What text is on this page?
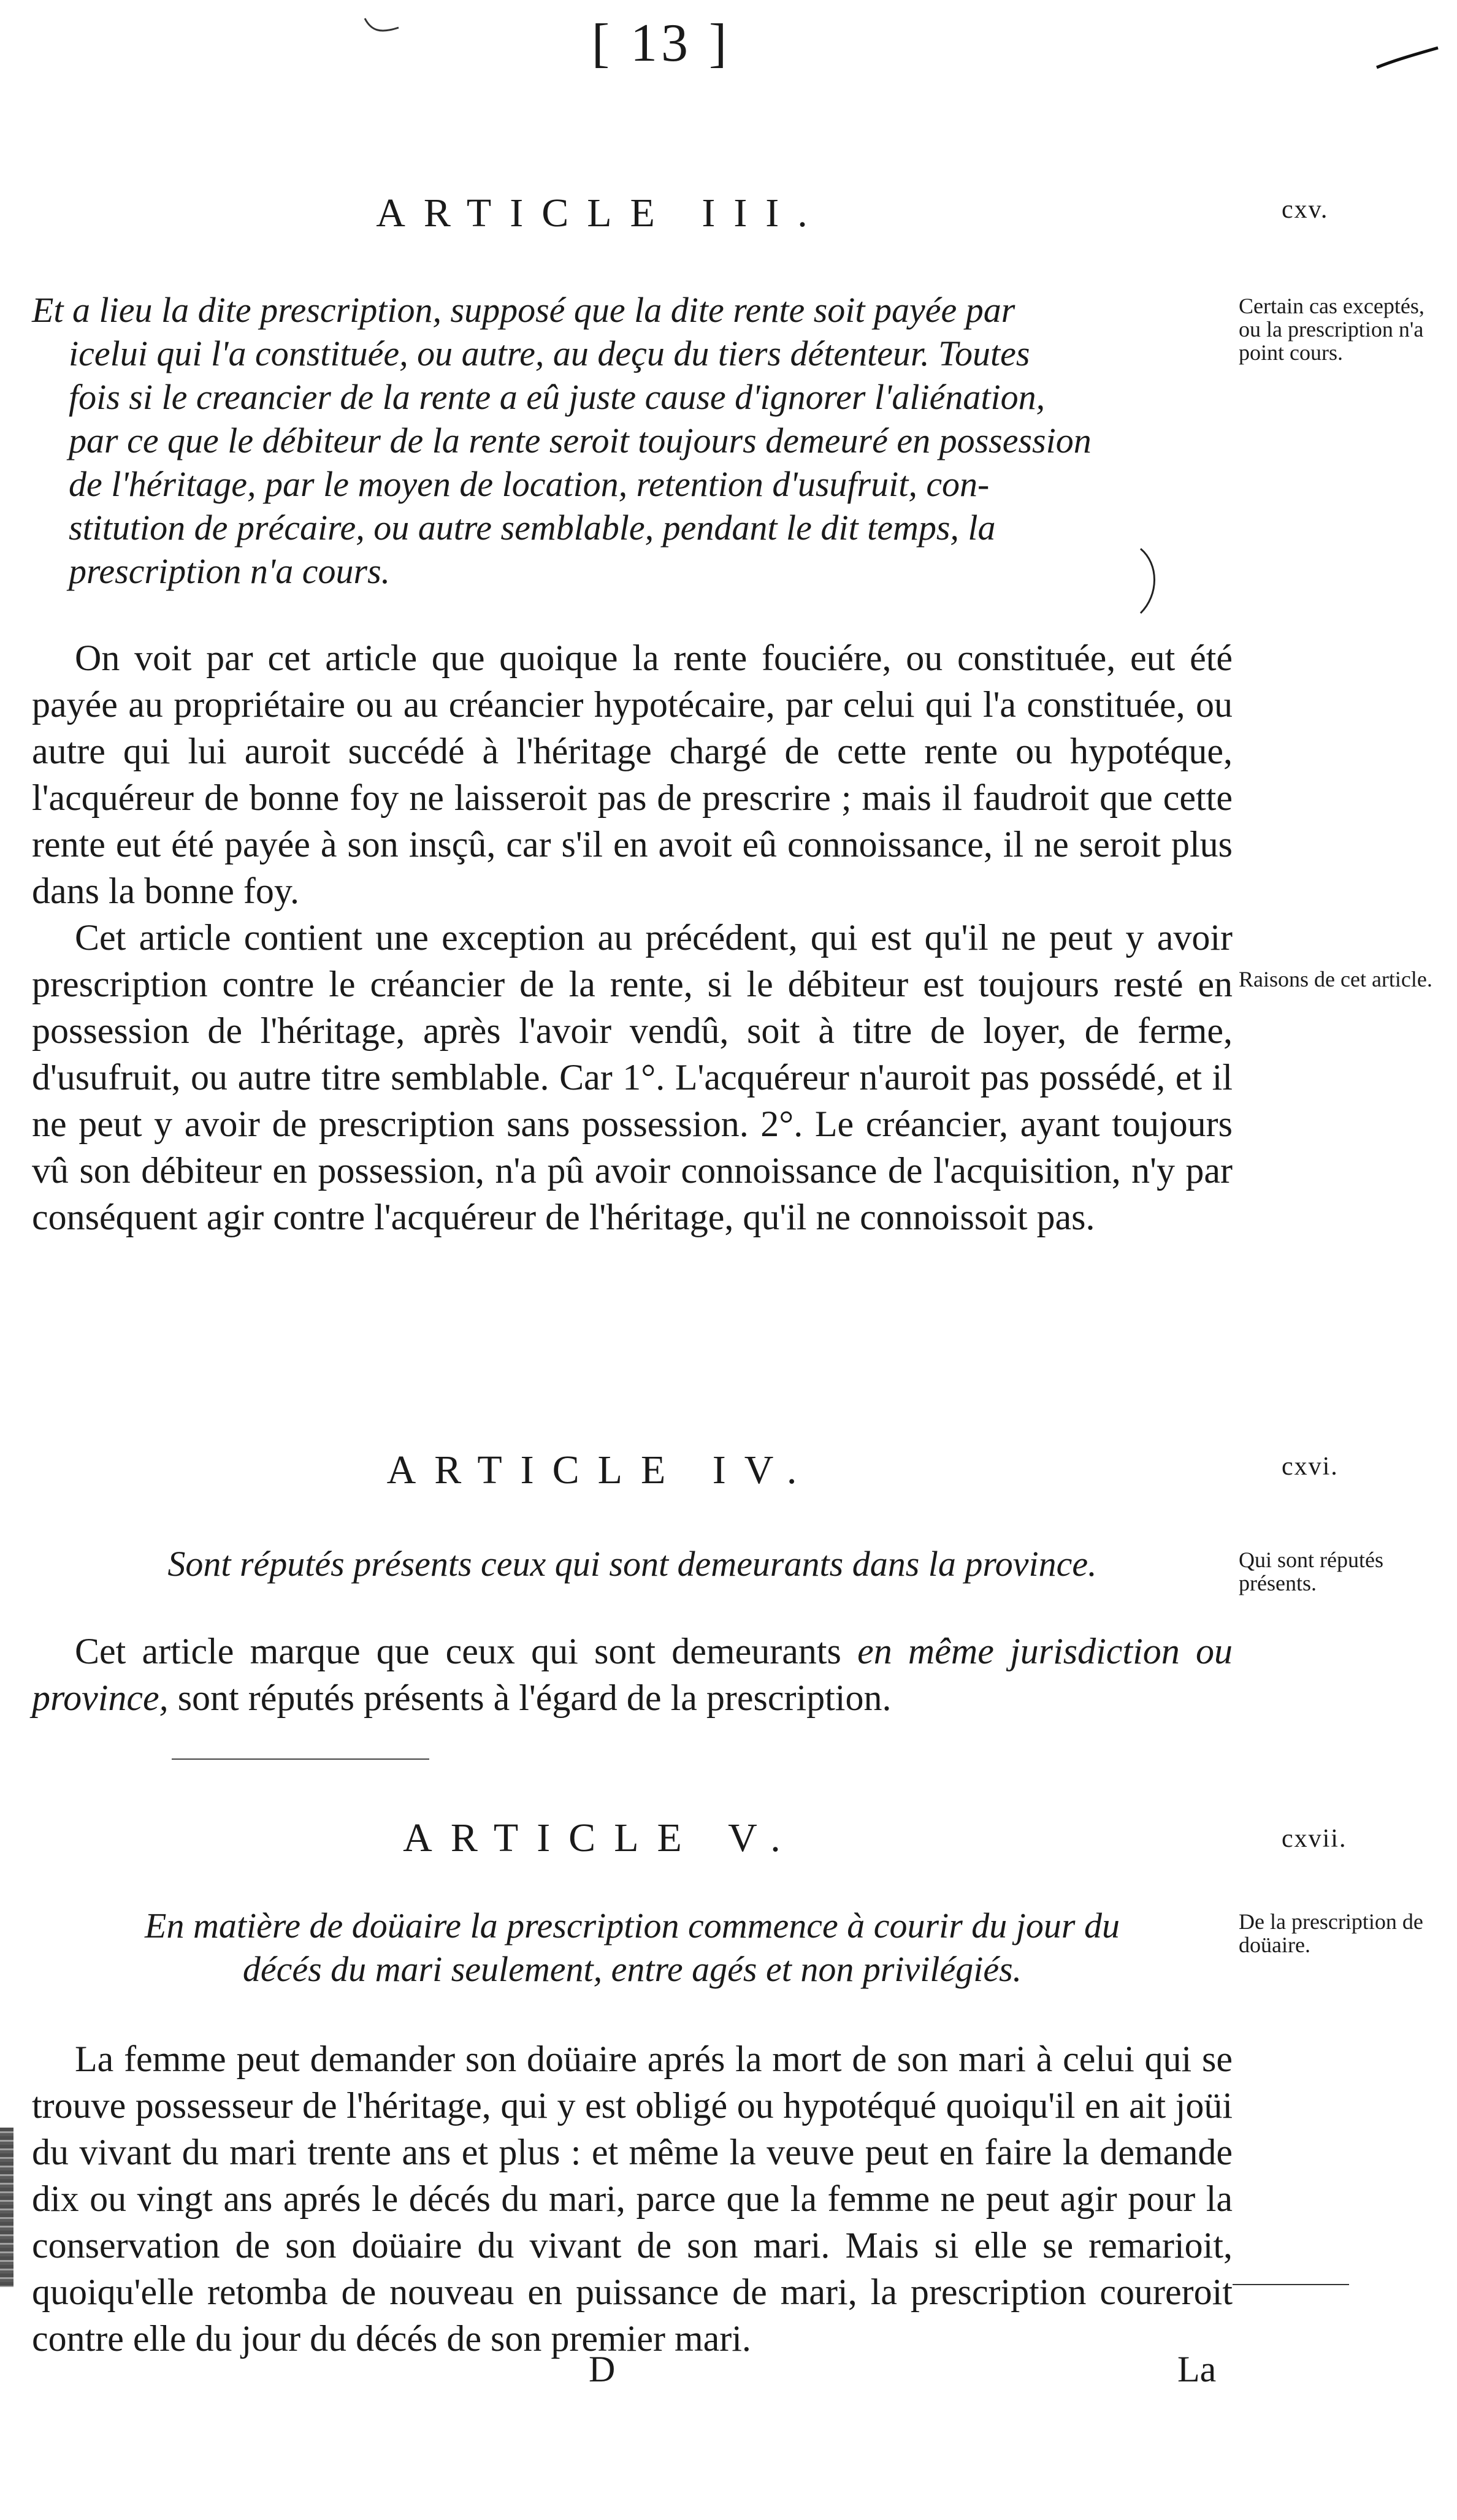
[ 13 ]
ARTICLE III.	cxv.
Et a lieu la dite prescription, supposé que la dite rente soit payée par
icelui qui l'a constituée, ou autre, au deçu du tiers détenteur. Toutes
fois si le creancier de la rente a eû juste cause d'ignorer l'aliénation,
par ce que le débiteur de la rente seroit toujours demeuré en possession
de l'héritage, par le moyen de location, retention d'usufruit, con-
stitution de précaire, ou autre semblable, pendant le dit temps, la
prescription n'a cours.
Certain cas exceptés, ou la prescription n'a point cours.

On voit par cet article que quoique la rente fouciére, ou constituée, eut été payée au propriétaire ou au créancier hypotécaire, par celui qui l'a constituée, ou autre qui lui auroit succédé à l'héritage chargé de cette rente ou hypotéque, l'acquéreur de bonne foy ne laisseroit pas de prescrire ; mais il faudroit que cette rente eut été payée à son insçû, car s'il en avoit eû connoissance, il ne seroit plus dans la bonne foy.

Cet article contient une exception au précédent, qui est qu'il ne peut y avoir prescription contre le créancier de la rente, si le débiteur est toujours resté en possession de l'héritage, après l'avoir vendû, soit à titre de loyer, de ferme, d'usufruit, ou autre titre semblable. Car 1°. L'acquéreur n'auroit pas possédé, et il ne peut y avoir de prescription sans possession. 2°. Le créancier, ayant toujours vû son débiteur en possession, n'a pû avoir connoissance de l'acquisition, n'y par conséquent agir contre l'acquéreur de l'héritage, qu'il ne connoissoit pas.

Raisons de cet article.
ARTICLE IV.	cxvi.
Sont réputés présents ceux qui sont demeurants dans la province.	Qui sont réputés présents.

Cet article marque que ceux qui sont demeurants en même jurisdiction ou province, sont réputés présents à l'égard de la prescription.

ARTICLE V.	cxvii.
En matière de doüaire la prescription commence à courir du jour du
décés du mari seulement, entre agés et non privilégiés.
De la prescription de doüaire.

La femme peut demander son doüaire aprés la mort de son mari à celui qui se trouve possesseur de l'héritage, qui y est obligé ou hypotéqué quoiqu'il en ait joüi du vivant du mari trente ans et plus : et même la veuve peut en faire la demande dix ou vingt ans aprés le décés du mari, parce que la femme ne peut agir pour la conservation de son doüaire du vivant de son mari. Mais si elle se remarioit, quoiqu'elle retomba de nouveau en puissance de mari, la prescription coureroit contre elle du jour du décés de son premier mari.

D	La
